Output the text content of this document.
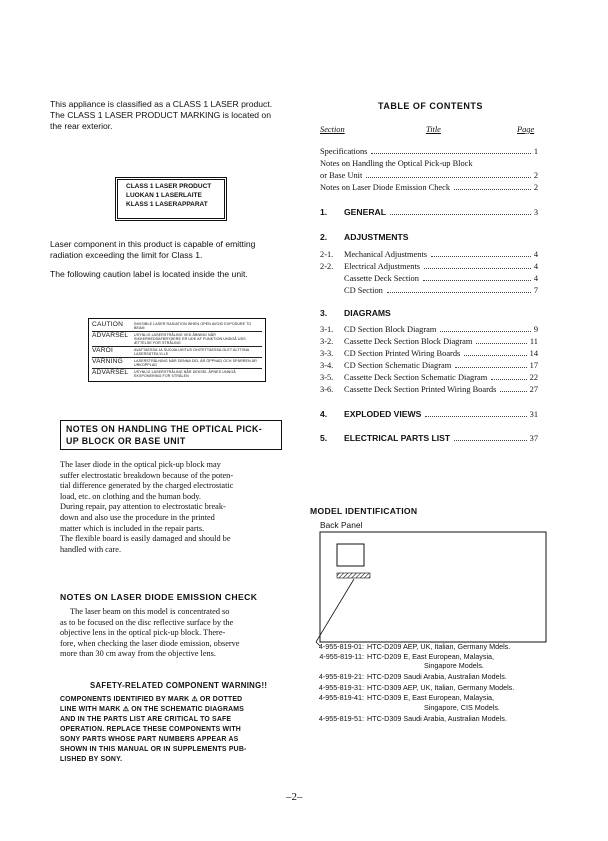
This appliance is classified as a CLASS 1 LASER product.
The CLASS 1 LASER PRODUCT MARKING is located on
the rear exterior.
CLASS 1 LASER PRODUCT
LUOKAN 1 LASERLAITE
KLASS 1 LASERAPPARAT
Laser component in this product is capable of emitting
radiation exceeding the limit for Class 1.
The following caution label is located inside the unit.
CAUTION	INVISIBLE LASER RADIATION WHEN OPEN AVOID EXPOSURE TO BEAM
ADVARSEL	USYNLIG LASERSTRÅLING VED ÅBNING NÅR SIKKERHEDSAFBRYDERE ER UDE AF FUNKTION UNDGÅ UDS ÆTTELSE FOR STRÅLING
VAROI	AVATTAESSA JA SUOJALUKITUS OHITETTAESSA OLET ALTTIINA LASERSÄTEILYLLE
VARNING	LASERSTRÅLNING NÄR DENNA DEL ÄR ÖPPNAD OCH SPÄRREN ÄR URKOPPLAD
ADVARSEL	USYNLIG LASERSTRÅLING NÅR DEKSEL ÅPNES UNNGÅ EKSPONERING FOR STRÅLEN
NOTES ON HANDLING THE OPTICAL PICK-
UP BLOCK OR BASE UNIT
The laser diode in the optical pick-up block may
suffer electrostatic breakdown because of the poten-
tial difference generated by the charged electrostatic
load, etc. on clothing and the human body.
During repair, pay attention to electrostatic break-
down and also use the procedure in the printed
matter which is included in the repair parts.
The flexible board is easily damaged and should be
handled with care.
NOTES ON LASER DIODE EMISSION CHECK
The laser beam on this model is concentrated so
as to be focused on the disc reflective surface by the
objective lens in the optical pick-up block. There-
fore, when checking the laser diode emission, observe
more than 30 cm away from the objective lens.
SAFETY-RELATED COMPONENT WARNING!!
COMPONENTS IDENTIFIED BY MARK ⚠ OR DOTTED
LINE WITH MARK ⚠ ON THE SCHEMATIC DIAGRAMS
AND IN THE PARTS LIST ARE CRITICAL TO SAFE
OPERATION. REPLACE THESE COMPONENTS WITH
SONY PARTS WHOSE PART NUMBERS APPEAR AS
SHOWN IN THIS MANUAL OR IN SUPPLEMENTS PUB-
LISHED BY SONY.
TABLE OF CONTENTS
Section	Title	Page
Specifications	1
Notes on Handling the Optical Pick-up Block
or Base Unit	2
Notes on Laser Diode Emission Check	2
1.	GENERAL	3
2.	ADJUSTMENTS
2-1.	Mechanical Adjustments	4
2-2.	Electrical Adjustments	4
Cassette Deck Section	4
CD Section	7
3.	DIAGRAMS
3-1.	CD Section Block Diagram	9
3-2.	Cassette Deck Section Block Diagram	11
3-3.	CD Section Printed Wiring Boards	14
3-4.	CD Section Schematic Diagram	17
3-5.	Cassette Deck Section Schematic Diagram	22
3-6.	Cassette Deck Section Printed Wiring Boards	27
4.	EXPLODED VIEWS	31
5.	ELECTRICAL PARTS LIST	37
MODEL IDENTIFICATION
Back Panel
4-955-819-01: HTC-D209 AEP, UK, Italian, Germany Mdels.
4-955-819-11: HTC-D209 E, East European, Malaysia,
Singapore Models.
4-955-819-21: HTC-D209 Saudi Arabia, Australian Models.
4-955-819-31: HTC-D309 AEP, UK, Italian, Germany Models.
4-955-819-41: HTC-D309 E, East European, Malaysia,
Singapore, CIS Models.
4-955-819-51: HTC-D309 Saudi Arabia, Australian Models.
–2–
